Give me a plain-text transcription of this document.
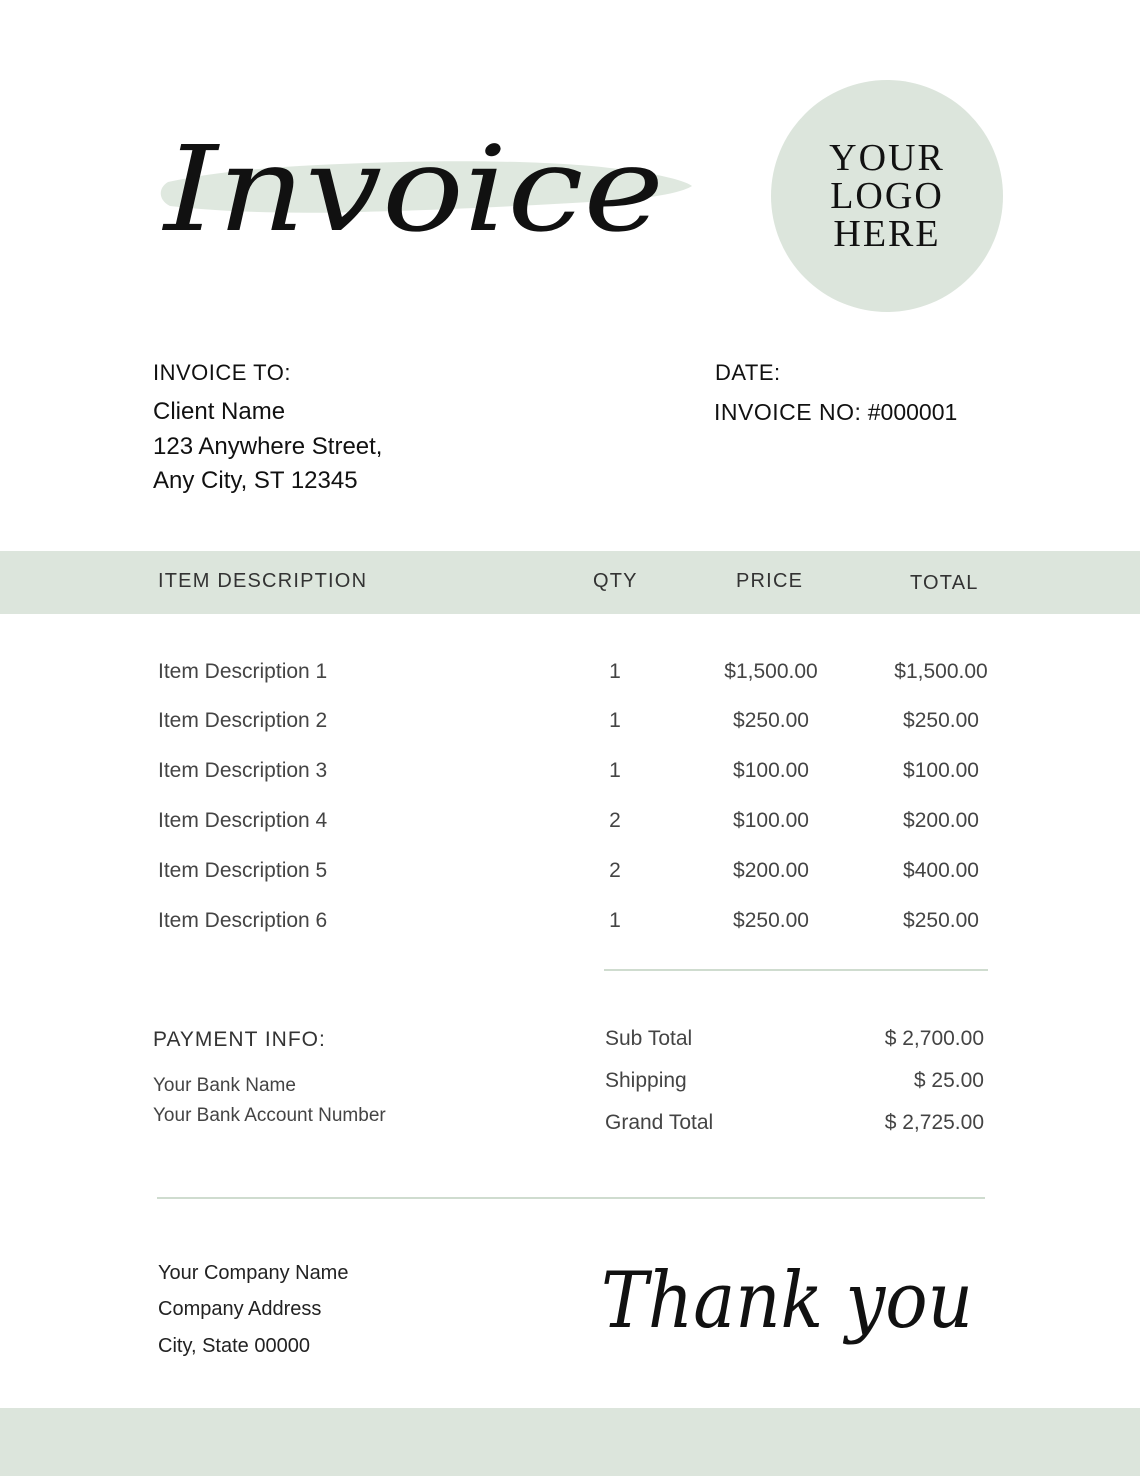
Invoice	YOUR LOGO HERE
INVOICE TO:
Client Name
123 Anywhere Street,
Any City, ST 12345
DATE:
INVOICE NO: #000001
ITEM DESCRIPTION	QTY	PRICE	TOTAL
Item Description 1	1	$1,500.00	$1,500.00
Item Description 2	1	$250.00	$250.00
Item Description 3	1	$100.00	$100.00
Item Description 4	2	$100.00	$200.00
Item Description 5	2	$200.00	$400.00
Item Description 6	1	$250.00	$250.00
PAYMENT INFO:
Your Bank Name
Your Bank Account Number
Sub Total	$ 2,700.00
Shipping	$ 25.00
Grand Total	$ 2,725.00
Your Company Name
Company Address
City, State 00000	Thank you
